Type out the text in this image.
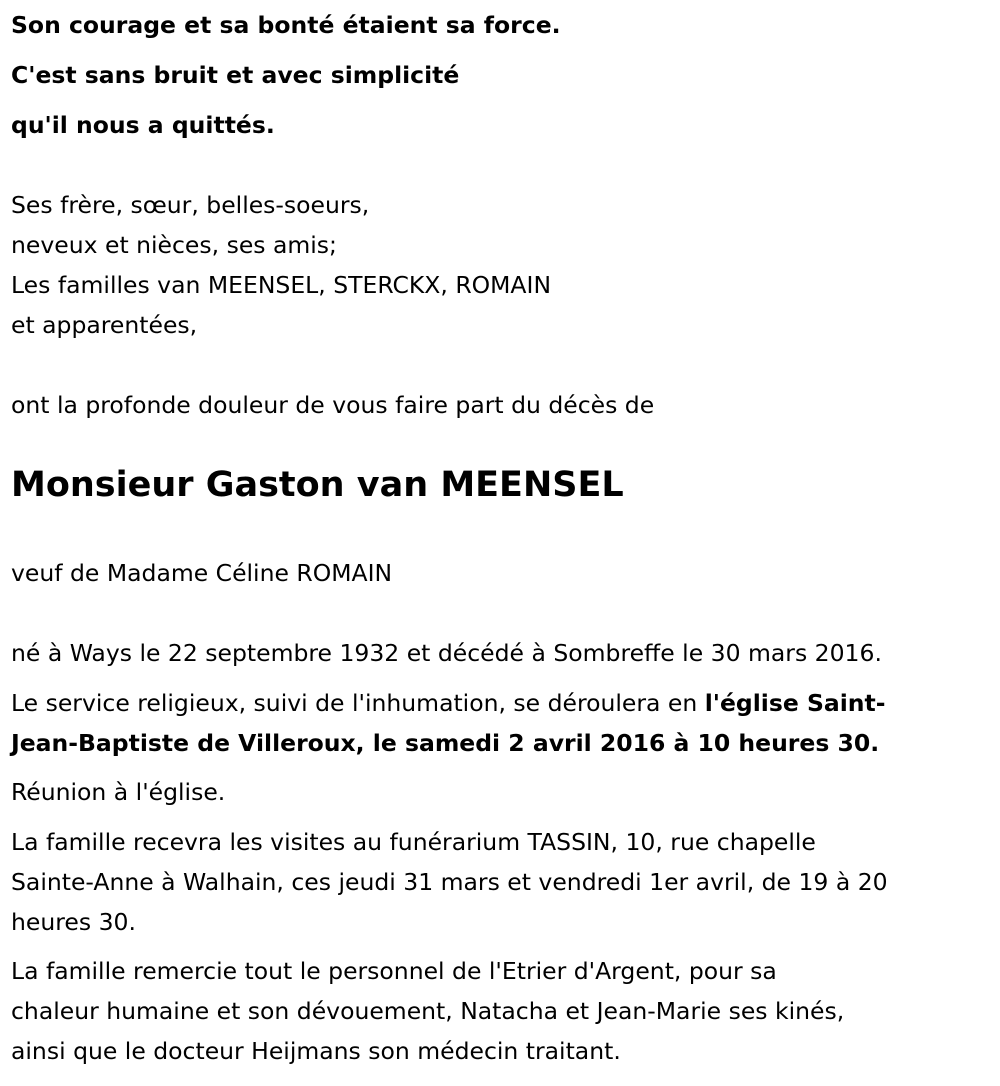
Son courage et sa bonté étaient sa force.
C'est sans bruit et avec simplicité
qu'il nous a quittés.
Ses frère, sœur, belles-soeurs,
neveux et nièces, ses amis;
Les familles van MEENSEL, STERCKX, ROMAIN
et apparentées,
ont la profonde douleur de vous faire part du décès de
Monsieur Gaston van MEENSEL
veuf de Madame Céline ROMAIN
né à Ways le 22 septembre 1932 et décédé à Sombreffe le 30 mars 2016.
Le service religieux, suivi de l'inhumation, se déroulera en l'église Saint-
Jean-Baptiste de Villeroux, le samedi 2 avril 2016 à 10 heures 30.
Réunion à l'église.
La famille recevra les visites au funérarium TASSIN, 10, rue chapelle
Sainte-Anne à Walhain, ces jeudi 31 mars et vendredi 1er avril, de 19 à 20
heures 30.
La famille remercie tout le personnel de l'Etrier d'Argent, pour sa
chaleur humaine et son dévouement, Natacha et Jean-Marie ses kinés,
ainsi que le docteur Heijmans son médecin traitant.
